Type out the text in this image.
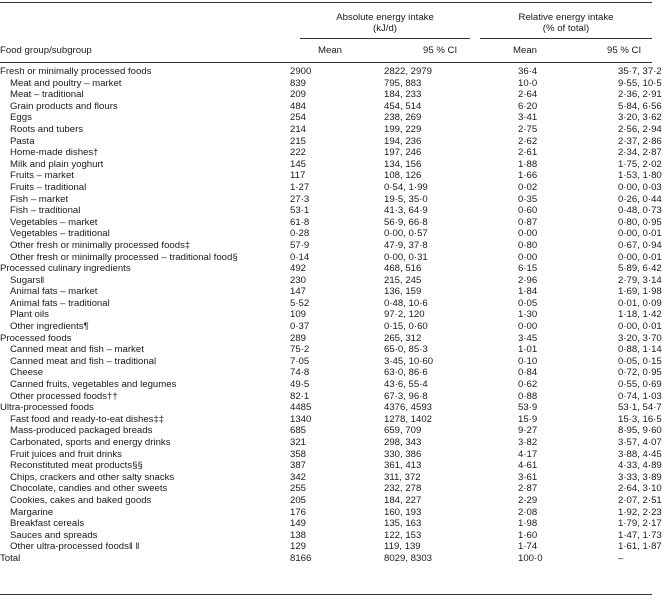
Absolute energy intake
(kJ/d)
Relative energy intake
(% of total)
Food group/subgroup	Mean	95 % CI	Mean	95 % CI
Fresh or minimally processed foods	2900	2822, 2979	36·4	35·7, 37·2
Meat and poultry – market	839	795, 883	10·0	9·55, 10·5
Meat – traditional	209	184, 233	2·64	2·36, 2·91
Grain products and flours	484	454, 514	6·20	5·84, 6·56
Eggs	254	238, 269	3·41	3·20, 3·62
Roots and tubers	214	199, 229	2·75	2·56, 2·94
Pasta	215	194, 236	2·62	2·37, 2·86
Home-made dishes†	222	197, 246	2·61	2·34, 2·87
Milk and plain yoghurt	145	134, 156	1·88	1·75, 2·02
Fruits – market	117	108, 126	1·66	1·53, 1·80
Fruits – traditional	1·27	0·54, 1·99	0·02	0·00, 0·03
Fish – market	27·3	19·5, 35·0	0·35	0·26, 0·44
Fish – traditional	53·1	41·3, 64·9	0·60	0·48, 0·73
Vegetables – market	61·8	56·9, 66·8	0·87	0·80, 0·95
Vegetables – traditional	0·28	0·00, 0·57	0·00	0·00, 0·01
Other fresh or minimally processed foods‡	57·9	47·9, 37·8	0·80	0·67, 0·94
Other fresh or minimally processed – traditional food§	0·14	0·00, 0·31	0·00	0·00, 0·01
Processed culinary ingredients	492	468, 516	6·15	5·89, 6·42
Sugars‖	230	215, 245	2·96	2·79, 3·14
Animal fats – market	147	136, 159	1·84	1·69, 1·98
Animal fats – traditional	5·52	0·48, 10·6	0·05	0·01, 0·09
Plant oils	109	97·2, 120	1·30	1·18, 1·42
Other ingredients¶	0·37	0·15, 0·60	0·00	0·00, 0·01
Processed foods	289	265, 312	3·45	3·20, 3·70
Canned meat and fish – market	75·2	65·0, 85·3	1·01	0·88, 1·14
Canned meat and fish – traditional	7·05	3·45, 10·60	0·10	0·05, 0·15
Cheese	74·8	63·0, 86·6	0·84	0·72, 0·95
Canned fruits, vegetables and legumes	49·5	43·6, 55·4	0·62	0·55, 0·69
Other processed foods††	82·1	67·3, 96·8	0·88	0·74, 1·03
Ultra-processed foods	4485	4376, 4593	53·9	53·1, 54·7
Fast food and ready-to-eat dishes‡‡	1340	1278, 1402	15·9	15·3, 16·5
Mass-produced packaged breads	685	659, 709	9·27	8·95, 9·60
Carbonated, sports and energy drinks	321	298, 343	3·82	3·57, 4·07
Fruit juices and fruit drinks	358	330, 386	4·17	3·88, 4·45
Reconstituted meat products§§	387	361, 413	4·61	4·33, 4·89
Chips, crackers and other salty snacks	342	311, 372	3·61	3·33, 3·89
Chocolate, candies and other sweets	255	232, 278	2·87	2·64, 3·10
Cookies, cakes and baked goods	205	184, 227	2·29	2·07, 2·51
Margarine	176	160, 193	2·08	1·92, 2·23
Breakfast cereals	149	135, 163	1·98	1·79, 2·17
Sauces and spreads	138	122, 153	1·60	1·47, 1·73
Other ultra-processed foods‖ ‖	129	119, 139	1·74	1·61, 1·87
Total	8166	8029, 8303	100·0	–
